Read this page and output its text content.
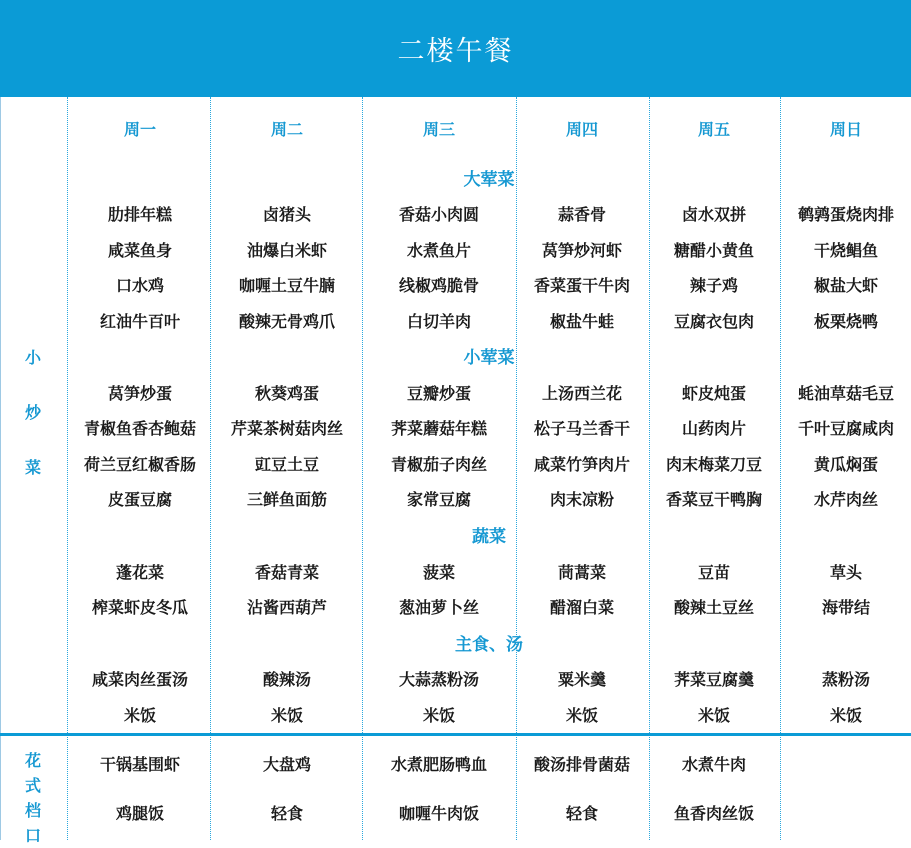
二楼午餐
小
炒
菜
花
式
档
口
周一	周二	周三	周四	周五	周日
大荤菜
肋排年糕	卤猪头	香菇小肉圆	蒜香骨	卤水双拼	鹌鹑蛋烧肉排
咸菜鱼身	油爆白米虾	水煮鱼片	莴笋炒河虾	糖醋小黄鱼	干烧鲳鱼
口水鸡	咖喱土豆牛腩	线椒鸡脆骨	香菜蛋干牛肉	辣子鸡	椒盐大虾
红油牛百叶	酸辣无骨鸡爪	白切羊肉	椒盐牛蛙	豆腐衣包肉	板栗烧鸭
小荤菜
莴笋炒蛋	秋葵鸡蛋	豆瓣炒蛋	上汤西兰花	虾皮炖蛋	蚝油草菇毛豆
青椒鱼香杏鲍菇	芹菜茶树菇肉丝	荠菜蘑菇年糕	松子马兰香干	山药肉片	千叶豆腐咸肉
荷兰豆红椒香肠	豇豆土豆	青椒茄子肉丝	咸菜竹笋肉片	肉末梅菜刀豆	黄瓜焖蛋
皮蛋豆腐	三鲜鱼面筋	家常豆腐	肉末凉粉	香菜豆干鸭胸	水芹肉丝
蔬菜
蓬花菜	香菇青菜	菠菜	茼蒿菜	豆苗	草头
榨菜虾皮冬瓜	沾酱西葫芦	葱油萝卜丝	醋溜白菜	酸辣土豆丝	海带结
主食、汤
咸菜肉丝蛋汤	酸辣汤	大蒜蒸粉汤	粟米羹	荠菜豆腐羹	蒸粉汤
米饭	米饭	米饭	米饭	米饭	米饭
干锅基围虾	大盘鸡	水煮肥肠鸭血	酸汤排骨菌菇	水煮牛肉
鸡腿饭	轻食	咖喱牛肉饭	轻食	鱼香肉丝饭
